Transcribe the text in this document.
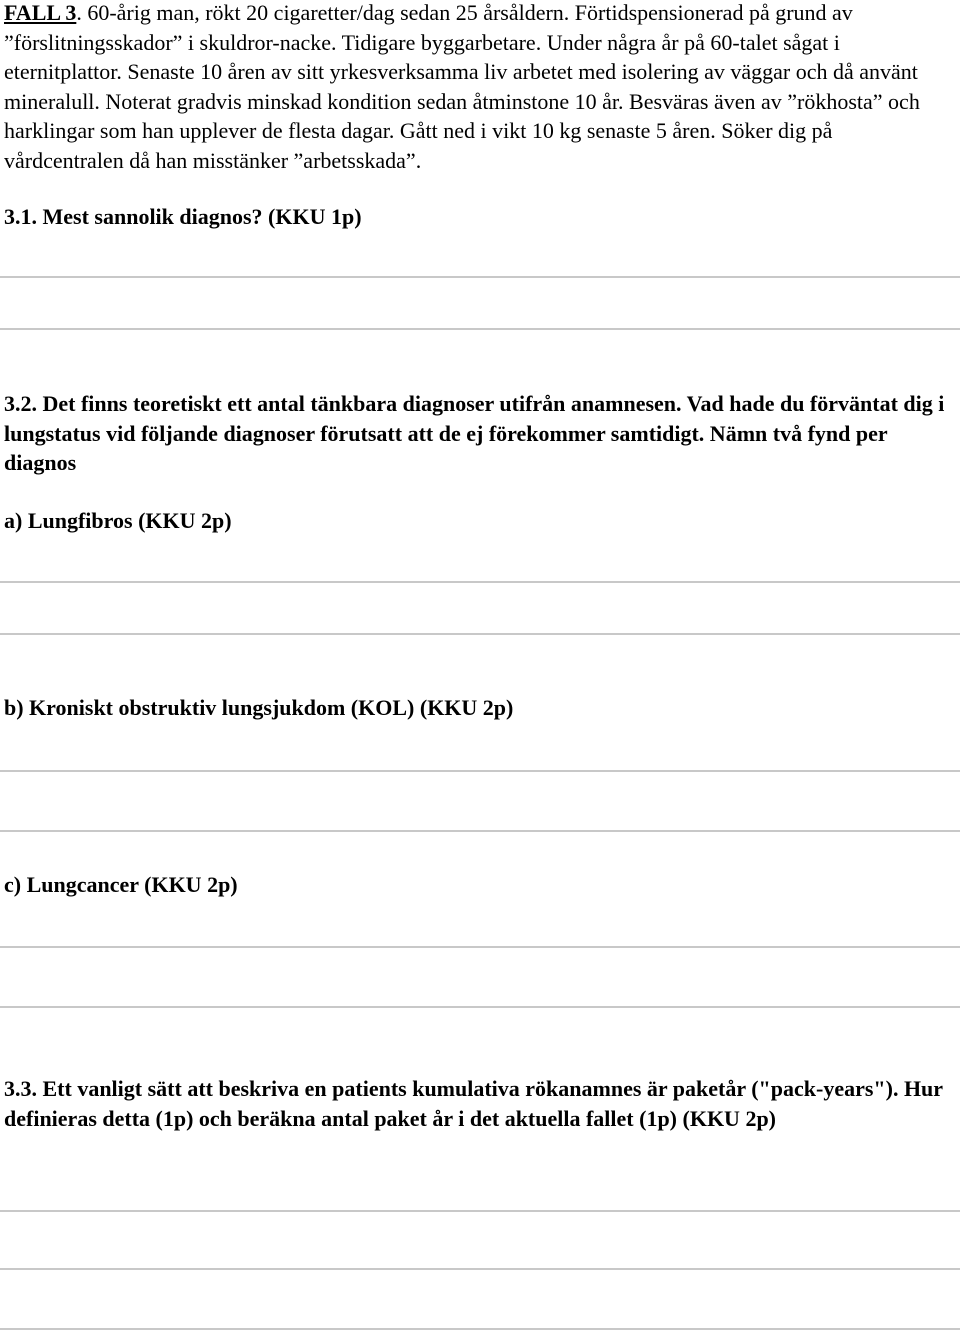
FALL 3. 60-årig man, rökt 20 cigaretter/dag sedan 25 årsåldern. Förtidspensionerad på grund av ”förslitningsskador” i skuldror-nacke. Tidigare byggarbetare. Under några år på 60-talet sågat i eternitplattor. Senaste 10 åren av sitt yrkesverksamma liv arbetet med isolering av väggar och då använt mineralull. Noterat gradvis minskad kondition sedan åtminstone 10 år. Besväras även av ”rökhosta” och harklingar som han upplever de flesta dagar. Gått ned i vikt 10 kg senaste 5 åren. Söker dig på vårdcentralen då han misstänker ”arbetsskada”.

3.1. Mest sannolik diagnos? (KKU 1p)

3.2. Det finns teoretiskt ett antal tänkbara diagnoser utifrån anamnesen. Vad hade du förväntat dig i lungstatus vid följande diagnoser förutsatt att de ej förekommer samtidigt. Nämn två fynd per diagnos

a) Lungfibros (KKU 2p)

b) Kroniskt obstruktiv lungsjukdom (KOL) (KKU 2p)

c) Lungcancer (KKU 2p)

3.3. Ett vanligt sätt att beskriva en patients kumulativa rökanamnes är paketår ("pack-years"). Hur definieras detta (1p) och beräkna antal paket år i det aktuella fallet (1p) (KKU 2p)
